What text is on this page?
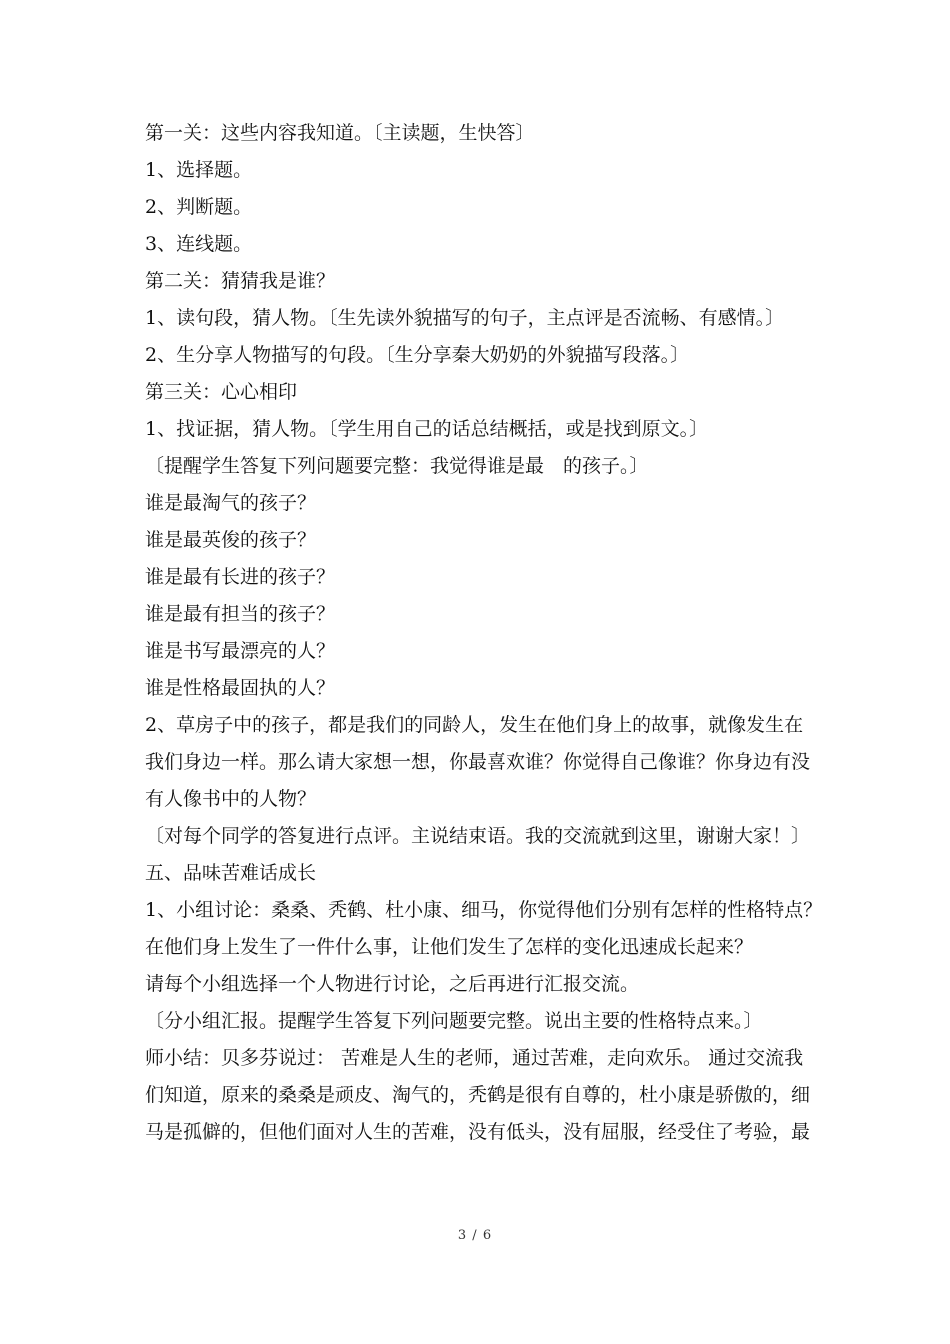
第一关：这些内容我知道。〔主读题，生快答〕

1、选择题。

2、判断题。

3、连线题。

第二关：猜猜我是谁？

1、读句段，猜人物。〔生先读外貌描写的句子，主点评是否流畅、有感情。〕

2、生分享人物描写的句段。〔生分享秦大奶奶的外貌描写段落。〕

第三关：心心相印

1、找证据，猜人物。〔学生用自己的话总结概括，或是找到原文。〕

〔提醒学生答复下列问题要完整：我觉得谁是最　的孩子。〕

谁是最淘气的孩子？

谁是最英俊的孩子？

谁是最有长进的孩子？

谁是最有担当的孩子？

谁是书写最漂亮的人？

谁是性格最固执的人？

2、草房子中的孩子，都是我们的同龄人，发生在他们身上的故事，就像发生在

我们身边一样。那么请大家想一想，你最喜欢谁？你觉得自己像谁？你身边有没

有人像书中的人物？

〔对每个同学的答复进行点评。主说结束语。我的交流就到这里，谢谢大家！〕

五、品味苦难话成长

1、小组讨论：桑桑、秃鹤、杜小康、细马，你觉得他们分别有怎样的性格特点？

在他们身上发生了一件什么事，让他们发生了怎样的变化迅速成长起来？

请每个小组选择一个人物进行讨论，之后再进行汇报交流。

〔分小组汇报。提醒学生答复下列问题要完整。说出主要的性格特点来。〕

师小结：贝多芬说过： 苦难是人生的老师，通过苦难，走向欢乐。 通过交流我

们知道，原来的桑桑是顽皮、淘气的，秃鹤是很有自尊的，杜小康是骄傲的，细

马是孤僻的，但他们面对人生的苦难，没有低头，没有屈服，经受住了考验，最

3 / 6
